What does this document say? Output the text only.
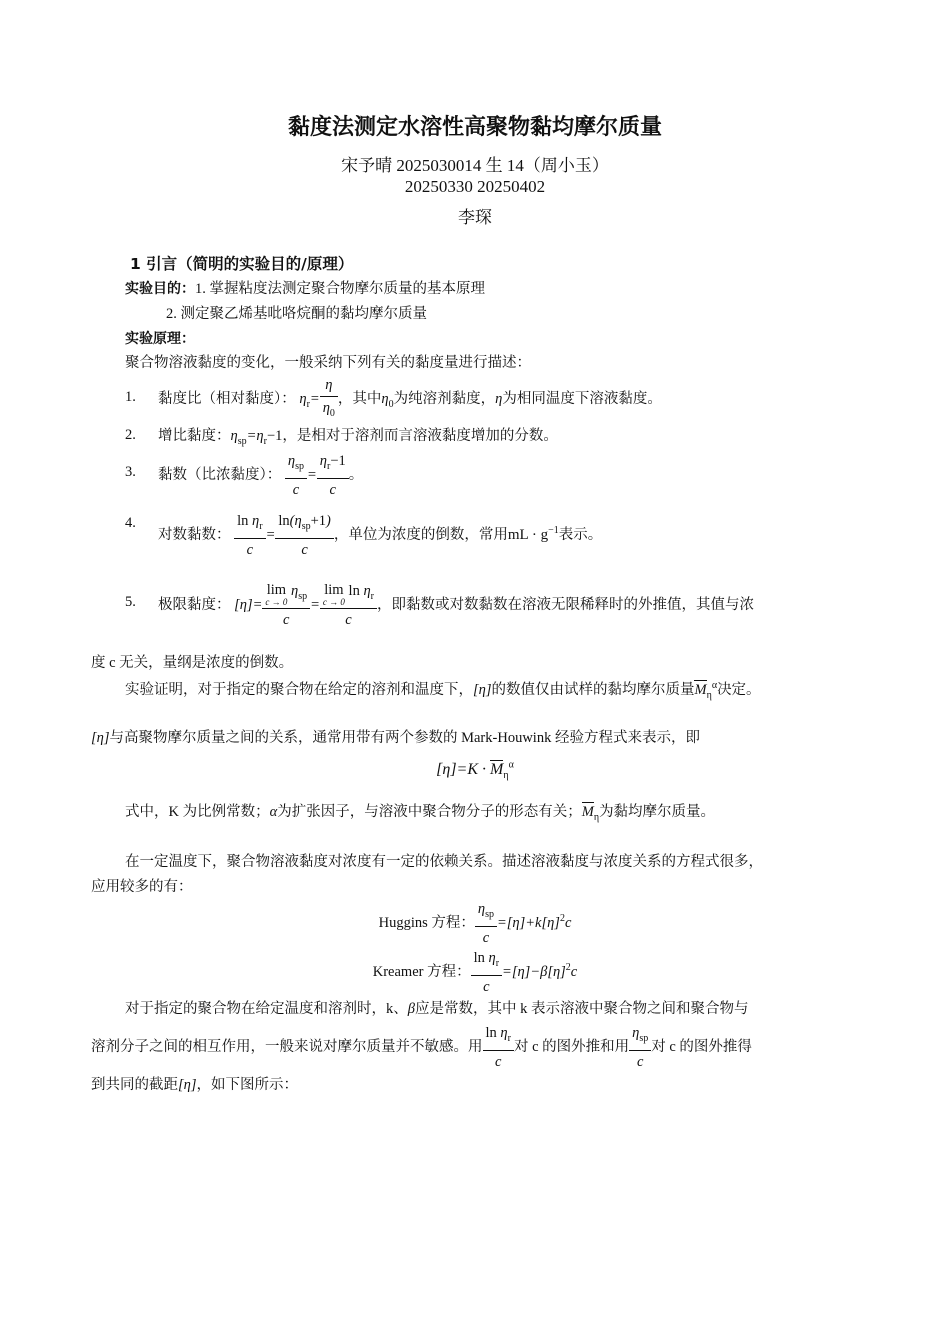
黏度法测定水溶性高聚物黏均摩尔质量
宋予晴 2025030014 生 14（周小玉）
20250330 20250402
李琛
1 引言（简明的实验目的/原理）
实验目的：1. 掌握粘度法测定聚合物摩尔质量的基本原理
2. 测定聚乙烯基吡咯烷酮的黏均摩尔质量
实验原理：
聚合物溶液黏度的变化，一般采纳下列有关的黏度量进行描述：
1. 黏度比（相对黏度）： $\eta_r= \frac{\eta}{\eta_0}$ ，其中$\eta_0$为纯溶剂黏度，η为相同温度下溶液黏度。
2. 增比黏度：$\eta_{sp}=\eta_r-1$，是相对于溶剂而言溶液黏度增加的分数。
3. 黏数（比浓黏度）： $\frac{\eta_{sp}}{c} = \frac{\eta_r-1}{c}$ 。
4.
对数黏数： $\frac{\ln \eta_r}{c} = \frac{\ln(\eta_{sp}+1)}{c}$ ，单位为浓度的倒数，常用mL · $g^{-1}$表示。
5. 极限黏度： [η]= lim
c → 0
$\eta_{sp}$
c = lim
c → 0
$\ln \eta_r$
c ，即黏数或对数黏数在溶液无限稀释时的外推值，其值与浓
度 c 无关，量纲是浓度的倒数。
实验证明，对于指定的聚合物在给定的溶剂和温度下，[η]的数值仅由试样的黏均摩尔质量$M_\eta^\alpha$决定。
[η]与高聚物摩尔质量之间的关系，通常用带有两个参数的 Mark-Houwink 经验方程式来表示，即
$[\eta]=K \cdot M_\eta^\alpha$
式中，K 为比例常数；α为扩张因子，与溶液中聚合物分子的形态有关；$M_\eta$为黏均摩尔质量。
在一定温度下，聚合物溶液黏度对浓度有一定的依赖关系。描述溶液黏度与浓度关系的方程式很多，
应用较多的有：
Huggins 方程： $\frac{\eta_{sp}}{c} =[\eta]+k[\eta]^2c$
Kreamer 方程： $\frac{\ln \eta_r}{c} =[\eta]-\beta[\eta]^2c$
对于指定的聚合物在给定温度和溶剂时，k、β应是常数，其中 k 表示溶液中聚合物之间和聚合物与
溶剂分子之间的相互作用，一般来说对摩尔质量并不敏感。用 $\frac{\ln \eta_r}{c}$ 对 c 的图外推和用 $\frac{\eta_{sp}}{c}$ 对 c 的图外推得
到共同的截距[η]，如下图所示：
